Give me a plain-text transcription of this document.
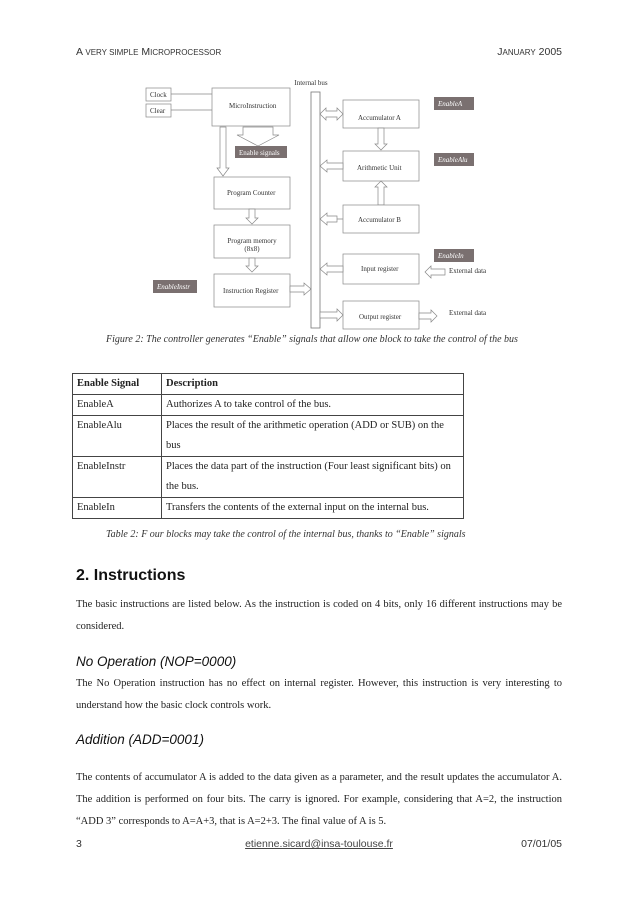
A VERY SIMPLE MICROPROCESSOR	JANUARY 2005
Internal bus
Clock
Clear
MicroInstruction
Enable signals
Program Counter
Program memory
(8x8)
Instruction Register
EnableInstr
Accumulator A
EnableA
Arithmetic Unit
EnableAlu
Accumulator B
Input register
EnableIn
External data
Output register	External data
Figure 2: The controller generates “Enable” signals that allow one block to take the control of the bus
Enable Signal	Description
EnableA	Authorizes A to take control of the bus.
EnableAlu	Places the result of the arithmetic operation (ADD or SUB) on the bus
EnableInstr	Places the data part of the instruction (Four least significant bits) on the bus.
EnableIn	Transfers the contents of the external input on the internal bus.
Table 2: F our blocks may take the control of the internal bus, thanks to “Enable” signals
2. Instructions

The basic instructions are listed below. As the instruction is coded on 4 bits, only 16 different instructions may be considered.

No Operation (NOP=0000)

The No Operation instruction has no effect on internal register. However, this instruction is very interesting to understand how the basic clock controls work.

Addition (ADD=0001)

The contents of accumulator A is added to the data given as a parameter, and the result updates the accumulator A. The addition is performed on four bits. The carry is ignored. For example, considering that A=2, the instruction “ADD 3” corresponds to A=A+3, that is A=2+3. The final value of A is 5.

3	etienne.sicard@insa-toulouse.fr	07/01/05
